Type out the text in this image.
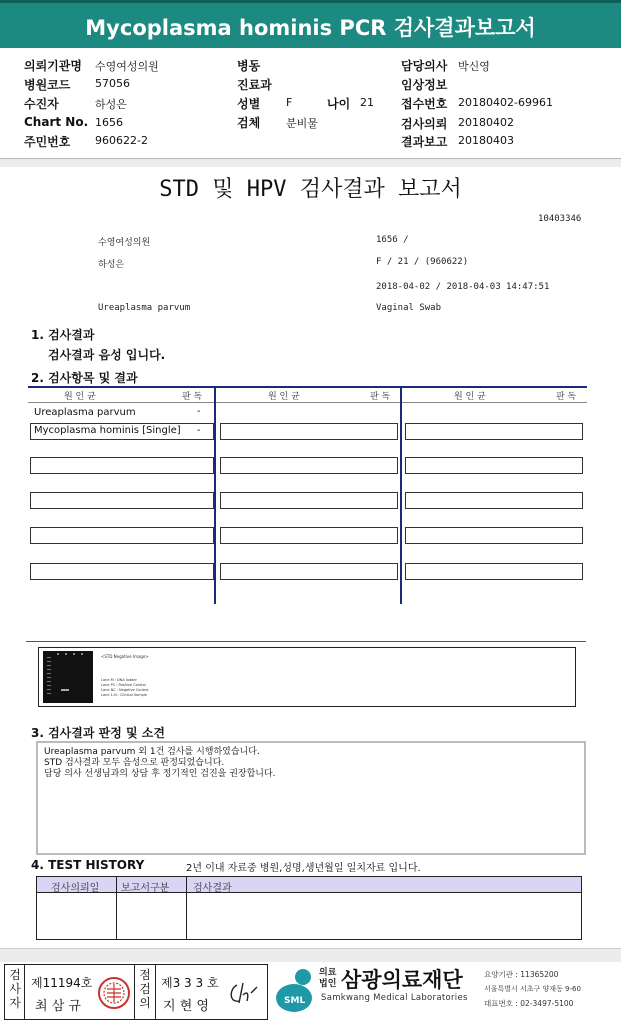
Mycoplasma hominis PCR 검사결과보고서
의뢰기관명 수영여성의원
병원코드 57056
수진자	하성은
Chart No. 1656
주민번호 960622-2
병동
진료과
성별 F	나이 21
검체 분비물
담당의사 박신영
임상정보
접수번호 20180402-69961
검사의뢰 20180402
결과보고 20180403
STD 및 HPV 검사결과 보고서
10403346
수영여성의원	1656 /
하성은	F / 21 / (960622)
2018-04-02 / 2018-04-03 14:47:51
Ureaplasma parvum	Vaginal Swab
1. 검사결과
검사결과 음성 입니다.
2. 검사항목 및 결과
원 인 균	판 독	원 인 균	판 독	원 인 균	판 독
Ureaplasma parvum	-
Mycoplasma hominis [Single]	-
<STD Negative Image>
Lane M : DNA ladder
Lane PC : Positive Control
Lane NC : Negative Control
Lane 1-N : Clinical Sample
3. 검사결과 판정 및 소견
Ureaplasma parvum 외 1건 검사를 시행하였습니다.
STD 검사결과 모두 음성으로 판정되었습니다.
담당 의사 선생님과의 상담 후 정기적인 검진을 권장합니다.
4. TEST HISTORY	2년 이내 자료중 병원,성명,생년월일 일치자료 입니다.
검사의뢰일 보고서구분 검사결과
검사자
제11194호
최 삼 규
점검의
제3 3 3 호
지 현 영	SML
의료법인 삼광의료재단
Samkwang Medical Laboratories
요양기관 : 11365200
서울특별시 서초구 양재동 9-60
대표번호 : 02-3497-5100
